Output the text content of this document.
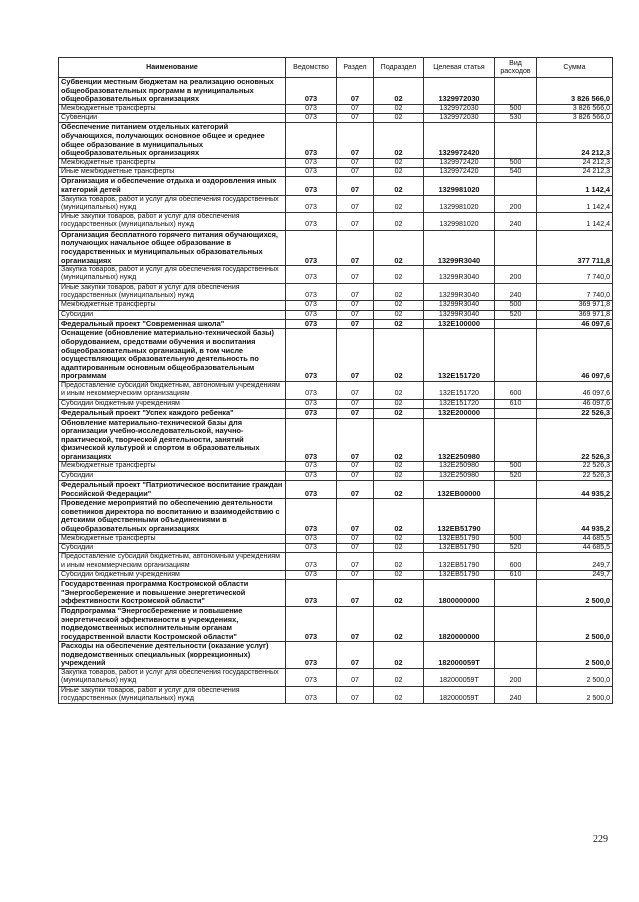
Наименование	Ведомство	Раздел	Подраздел	Целевая статья	Вид расходов	Сумма
Субвенции местным бюджетам на реализацию основных общеобразовательных программ в муниципальных общеобразовательных организациях	073	07	02	1329972030		3 826 566,0
Межбюджетные трансферты	073	07	02	1329972030	500	3 826 566,0
Субвенции	073	07	02	1329972030	530	3 826 566,0
Обеспечение питанием отдельных категорий обучающихся, получающих основное общее и среднее общее образование в муниципальных общеобразовательных организациях	073	07	02	1329972420		24 212,3
Межбюджетные трансферты	073	07	02	1329972420	500	24 212,3
Иные межбюджетные трансферты	073	07	02	1329972420	540	24 212,3
Организация и обеспечение отдыха и оздоровления иных категорий детей	073	07	02	1329981020		1 142,4
Закупка товаров, работ и услуг для обеспечения государственных (муниципальных) нужд	073	07	02	1329981020	200	1 142,4
Иные закупки товаров, работ и услуг для обеспечения государственных (муниципальных) нужд	073	07	02	1329981020	240	1 142,4
Организация бесплатного горячего питания обучающихся, получающих начальное общее образование в государственных и муниципальных образовательных организациях	073	07	02	13299R3040		377 711,8
Закупка товаров, работ и услуг для обеспечения государственных (муниципальных) нужд	073	07	02	13299R3040	200	7 740,0
Иные закупки товаров, работ и услуг для обеспечения государственных (муниципальных) нужд	073	07	02	13299R3040	240	7 740,0
Межбюджетные трансферты	073	07	02	13299R3040	500	369 971,8
Субсидии	073	07	02	13299R3040	520	369 971,8
Федеральный проект "Современная школа"	073	07	02	132E100000		46 097,6
Оснащение (обновление материально-технической базы) оборудованием, средствами обучения и воспитания общеобразовательных организаций, в том числе осуществляющих образовательную деятельность по адаптированным основным общеобразовательным программам	073	07	02	132E151720		46 097,6
Предоставление субсидий бюджетным, автономным учреждениям и иным некоммерческим организациям	073	07	02	132E151720	600	46 097,6
Субсидии бюджетным учреждениям	073	07	02	132E151720	610	46 097,6
Федеральный проект "Успех каждого ребенка"	073	07	02	132E200000		22 526,3
Обновление материально-технической базы для организации учебно-исследовательской, научно-практической, творческой деятельности, занятий физической культурой и спортом в образовательных организациях	073	07	02	132E250980		22 526,3
Межбюджетные трансферты	073	07	02	132E250980	500	22 526,3
Субсидии	073	07	02	132E250980	520	22 526,3
Федеральный проект "Патриотическое воспитание граждан Российской Федерации"	073	07	02	132EB00000		44 935,2
Проведение мероприятий по обеспечению деятельности советников директора по воспитанию и взаимодействию с детскими общественными объединениями в общеобразовательных организациях	073	07	02	132EB51790		44 935,2
Межбюджетные трансферты	073	07	02	132EB51790	500	44 685,5
Субсидии	073	07	02	132EB51790	520	44 685,5
Предоставление субсидий бюджетным, автономным учреждениям и иным некоммерческим организациям	073	07	02	132EB51790	600	249,7
Субсидии бюджетным учреждениям	073	07	02	132EB51790	610	249,7
Государственная программа Костромской области "Энергосбережение и повышение энергетической эффективности Костромской области"	073	07	02	1800000000		2 500,0
Подпрограмма "Энергосбережение и повышение энергетической эффективности в учреждениях, подведомственных исполнительным органам государственной власти Костромской области"	073	07	02	1820000000		2 500,0
Расходы на обеспечение деятельности (оказание услуг) подведомственных специальных (коррекционных) учреждений	073	07	02	182000059Т		2 500,0
Закупка товаров, работ и услуг для обеспечения государственных (муниципальных) нужд	073	07	02	182000059Т	200	2 500,0
Иные закупки товаров, работ и услуг для обеспечения государственных (муниципальных) нужд	073	07	02	182000059Т	240	2 500,0
229
